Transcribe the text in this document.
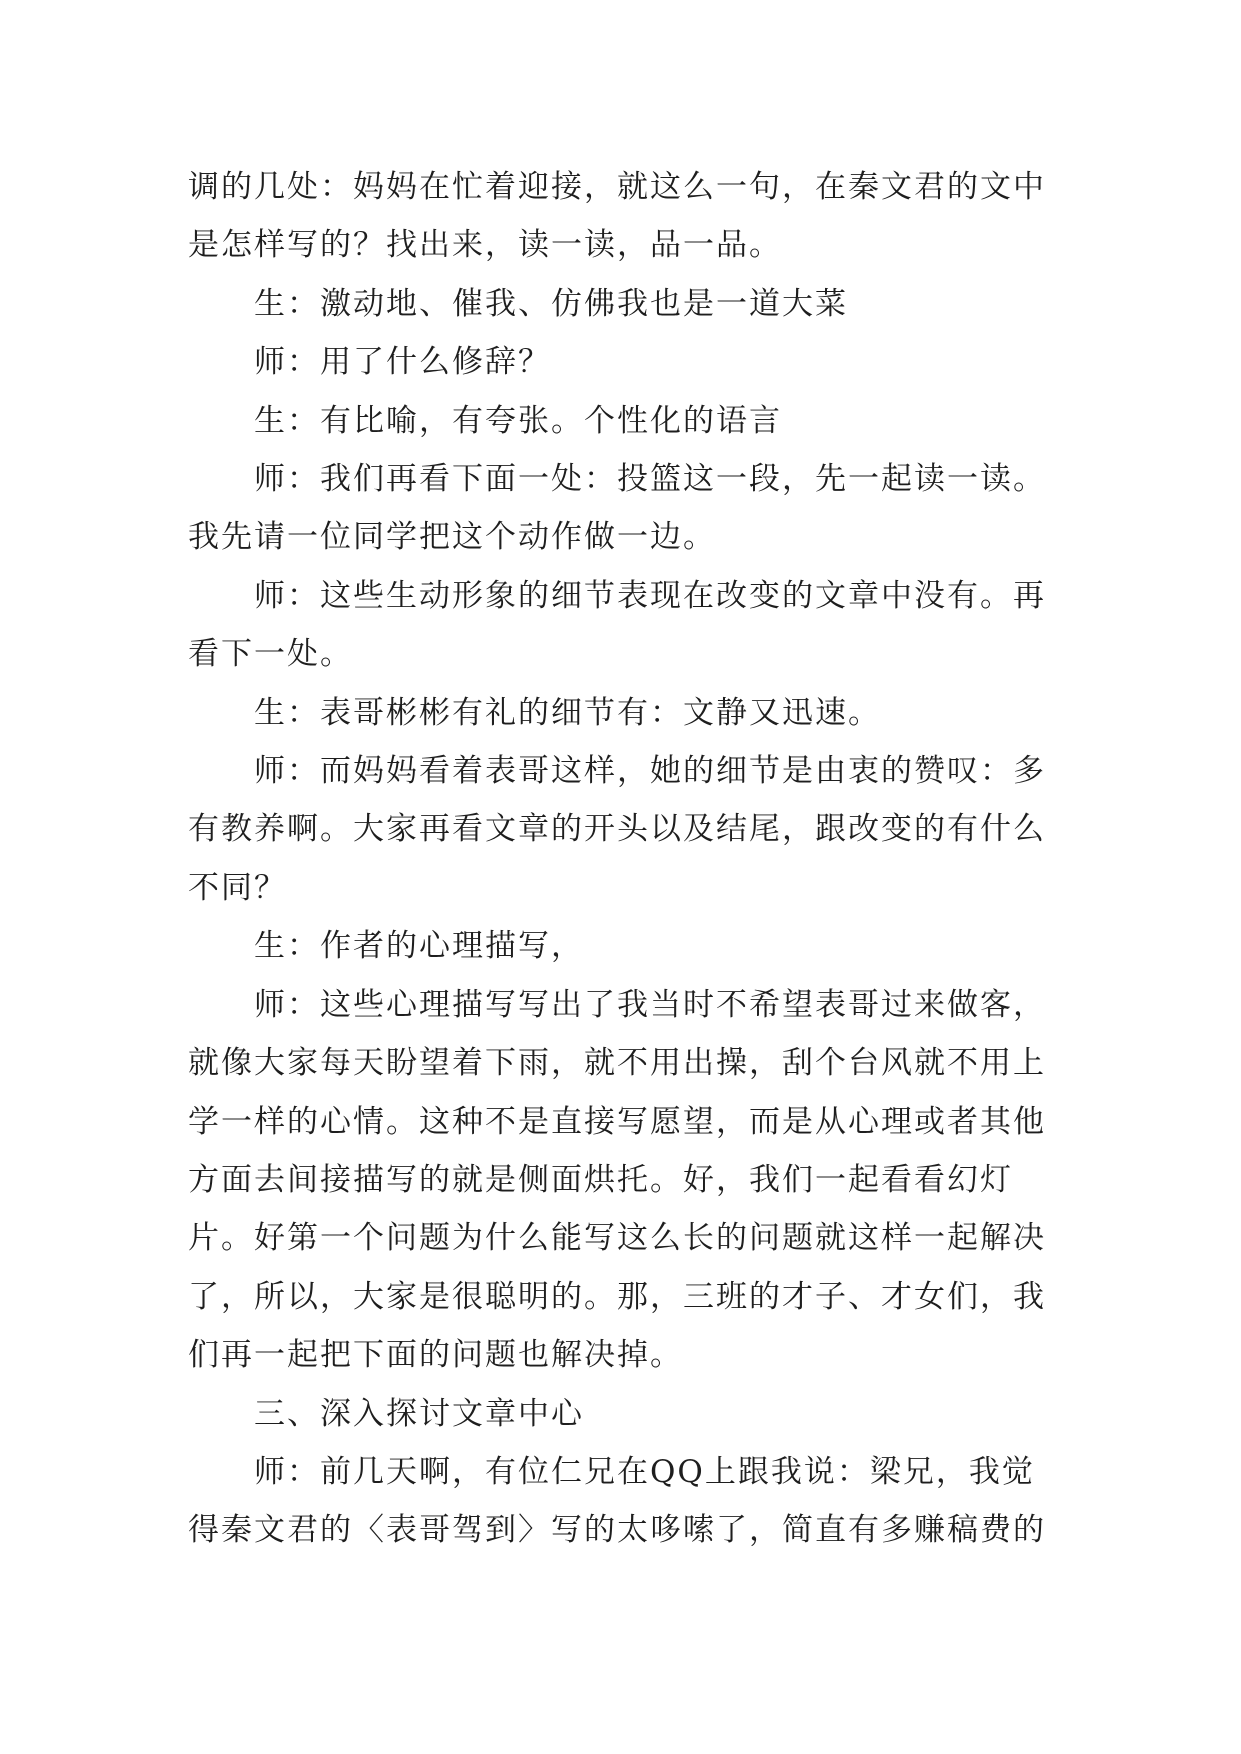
调的几处：妈妈在忙着迎接，就这么一句，在秦文君的文中是怎样写的？找出来，读一读，品一品。

生：激动地、催我、仿佛我也是一道大菜

师：用了什么修辞？

生：有比喻，有夸张。个性化的语言

师：我们再看下面一处：投篮这一段，先一起读一读。我先请一位同学把这个动作做一边。

师：这些生动形象的细节表现在改变的文章中没有。再看下一处。

生：表哥彬彬有礼的细节有：文静又迅速。

师：而妈妈看着表哥这样，她的细节是由衷的赞叹：多有教养啊。大家再看文章的开头以及结尾，跟改变的有什么不同？

生：作者的心理描写，

师：这些心理描写写出了我当时不希望表哥过来做客，就像大家每天盼望着下雨，就不用出操，刮个台风就不用上学一样的心情。这种不是直接写愿望，而是从心理或者其他方面去间接描写的就是侧面烘托。好，我们一起看看幻灯片。好第一个问题为什么能写这么长的问题就这样一起解决了，所以，大家是很聪明的。那，三班的才子、才女们，我们再一起把下面的问题也解决掉。

三、深入探讨文章中心

师：前几天啊，有位仁兄在QQ上跟我说：梁兄，我觉得秦文君的〈表哥驾到〉写的太哆嗦了，简直有多赚稿费的
